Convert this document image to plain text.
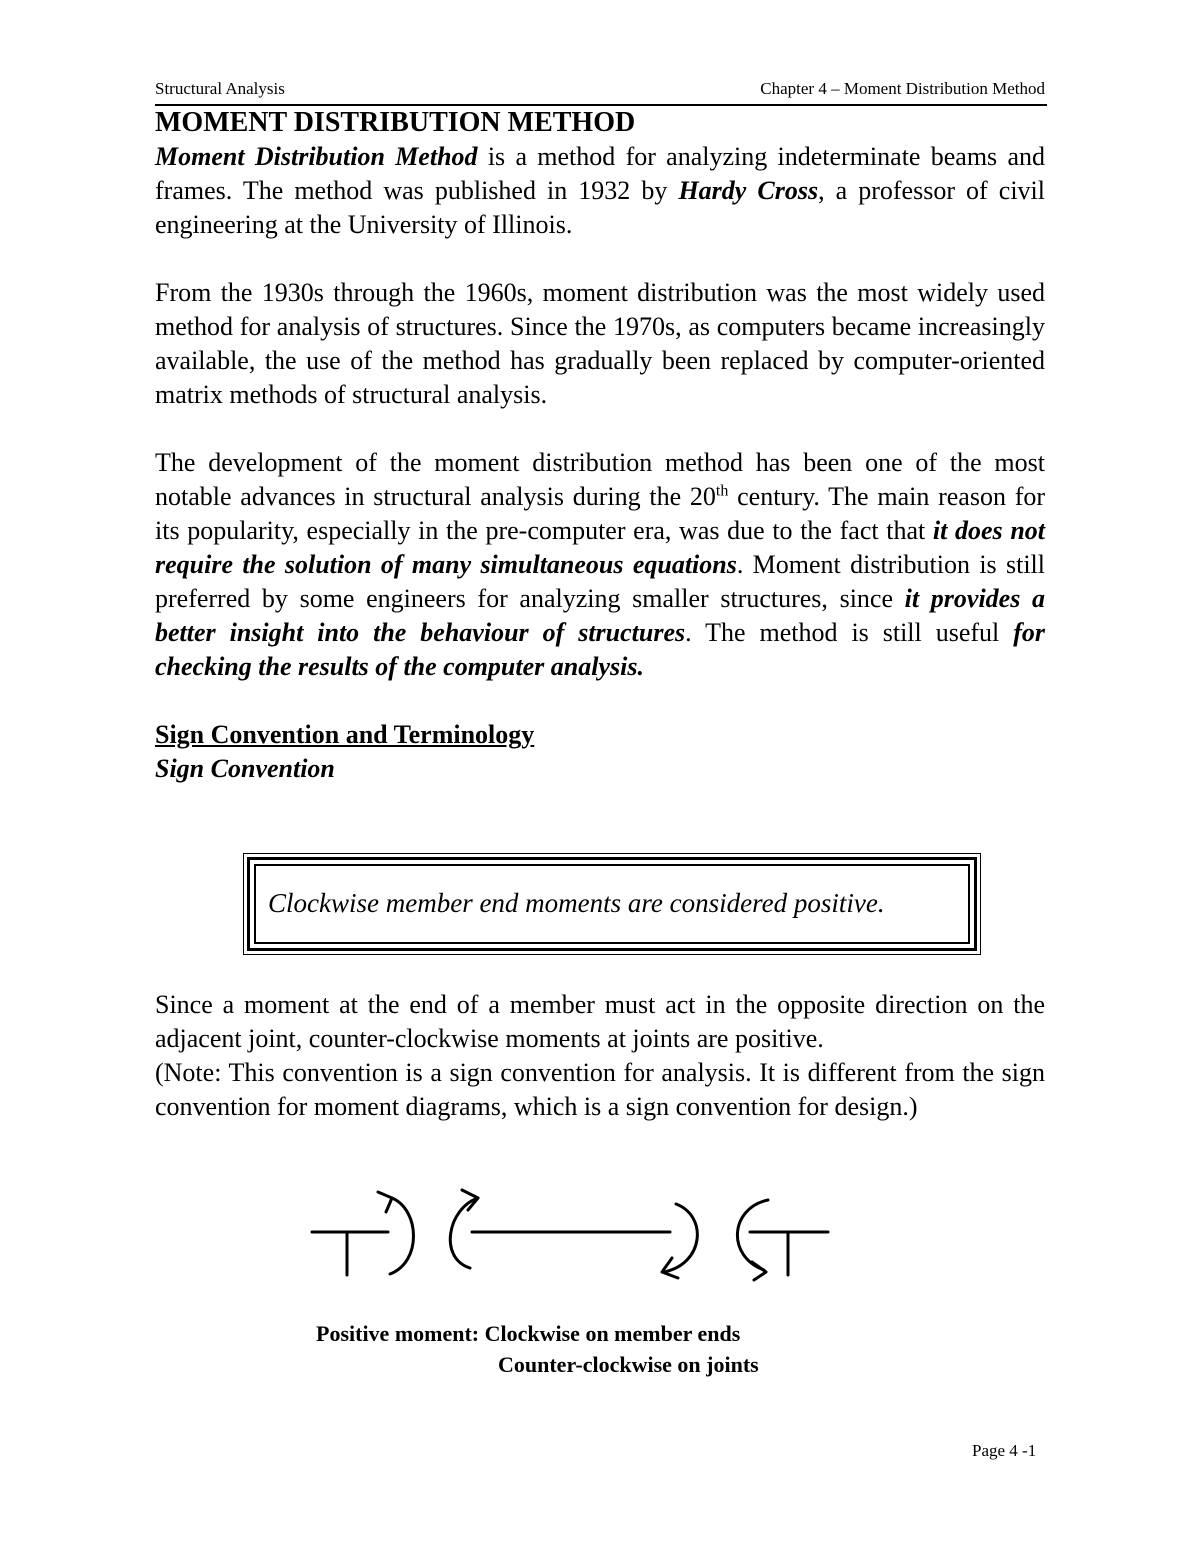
Structural Analysis	Chapter 4 – Moment Distribution Method
MOMENT DISTRIBUTION METHOD

Moment Distribution Method is a method for analyzing indeterminate beams and frames. The method was published in 1932 by Hardy Cross, a professor of civil engineering at the University of Illinois.

From the 1930s through the 1960s, moment distribution was the most widely used method for analysis of structures. Since the 1970s, as computers became increasingly available, the use of the method has gradually been replaced by computer-oriented matrix methods of structural analysis.

The development of the moment distribution method has been one of the most notable advances in structural analysis during the 20th century. The main reason for its popularity, especially in the pre-computer era, was due to the fact that it does not require the solution of many simultaneous equations. Moment distribution is still preferred by some engineers for analyzing smaller structures, since it provides a better insight into the behaviour of structures. The method is still useful for checking the results of the computer analysis.

Sign Convention and Terminology
Sign Convention
Clockwise member end moments are considered positive.

Since a moment at the end of a member must act in the opposite direction on the adjacent joint, counter-clockwise moments at joints are positive.

(Note: This convention is a sign convention for analysis. It is different from the sign convention for moment diagrams, which is a sign convention for design.)

Positive moment: Clockwise on member ends
Counter-clockwise on joints
Page 4 -1
